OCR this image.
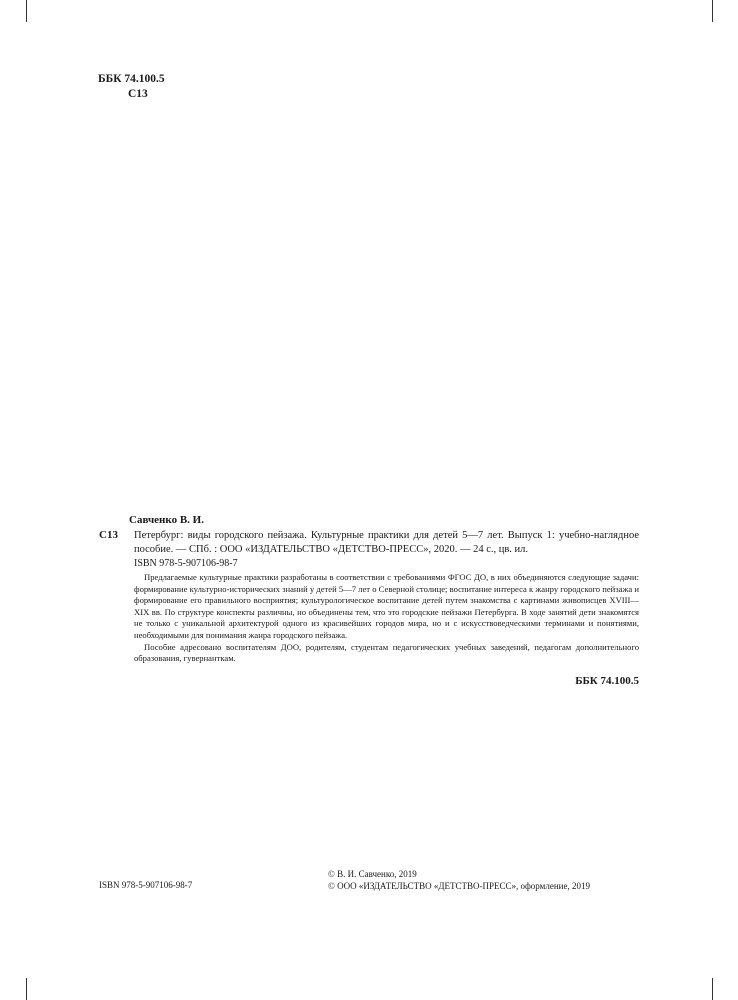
ББК 74.100.5
С13
Савченко В. И.
С13 Петербург: виды городского пейзажа. Культурные практики для детей 5—7 лет. Выпуск 1: учебно-наглядное пособие. — СПб. : ООО «ИЗДАТЕЛЬСТВО «ДЕТСТВО-ПРЕСС», 2020. — 24 с., цв. ил.
ISBN 978-5-907106-98-7

Предлагаемые культурные практики разработаны в соответствии с требованиями ФГОС ДО, в них объединяются следующие задачи: формирование культурно-исторических знаний у детей 5—7 лет о Северной столице; воспитание интереса к жанру городского пейзажа и формирование его правильного восприятия; культурологическое воспитание детей путем знакомства с картинами живописцев XVIII—XIX вв. По структуре конспекты различны, но объединены тем, что это городские пейзажи Петербурга. В ходе занятий дети знакомятся не только с уникальной архитектурой одного из красивейших городов мира, но и с искусствоведческими терминами и понятиями, необходимыми для понимания жанра городского пейзажа.

Пособие адресовано воспитателям ДОО, родителям, студентам педагогических учебных заведений, педагогам дополнительного образования, гувернанткам.

ББК 74.100.5
ISBN 978-5-907106-98-7
© В. И. Савченко, 2019
© ООО «ИЗДАТЕЛЬСТВО «ДЕТСТВО-ПРЕСС», оформление, 2019
